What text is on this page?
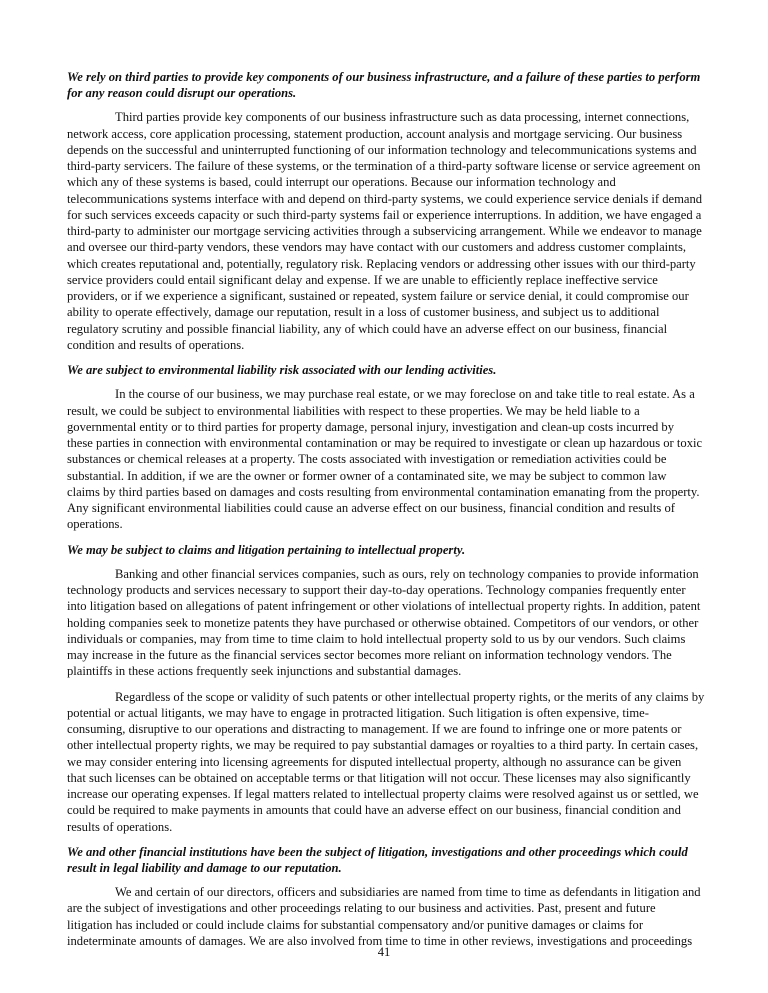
We rely on third parties to provide key components of our business infrastructure, and a failure of these parties to perform
for any reason could disrupt our operations.
Third parties provide key components of our business infrastructure such as data processing, internet connections,
network access, core application processing, statement production, account analysis and mortgage servicing. Our business
depends on the successful and uninterrupted functioning of our information technology and telecommunications systems and
third-party servicers. The failure of these systems, or the termination of a third-party software license or service agreement on
which any of these systems is based, could interrupt our operations. Because our information technology and
telecommunications systems interface with and depend on third-party systems, we could experience service denials if demand
for such services exceeds capacity or such third-party systems fail or experience interruptions. In addition, we have engaged a
third-party to administer our mortgage servicing activities through a subservicing arrangement. While we endeavor to manage
and oversee our third-party vendors, these vendors may have contact with our customers and address customer complaints,
which creates reputational and, potentially, regulatory risk. Replacing vendors or addressing other issues with our third-party
service providers could entail significant delay and expense. If we are unable to efficiently replace ineffective service
providers, or if we experience a significant, sustained or repeated, system failure or service denial, it could compromise our
ability to operate effectively, damage our reputation, result in a loss of customer business, and subject us to additional
regulatory scrutiny and possible financial liability, any of which could have an adverse effect on our business, financial
condition and results of operations.
We are subject to environmental liability risk associated with our lending activities.
In the course of our business, we may purchase real estate, or we may foreclose on and take title to real estate. As a
result, we could be subject to environmental liabilities with respect to these properties. We may be held liable to a
governmental entity or to third parties for property damage, personal injury, investigation and clean-up costs incurred by
these parties in connection with environmental contamination or may be required to investigate or clean up hazardous or toxic
substances or chemical releases at a property. The costs associated with investigation or remediation activities could be
substantial. In addition, if we are the owner or former owner of a contaminated site, we may be subject to common law
claims by third parties based on damages and costs resulting from environmental contamination emanating from the property.
Any significant environmental liabilities could cause an adverse effect on our business, financial condition and results of
operations.
We may be subject to claims and litigation pertaining to intellectual property.
Banking and other financial services companies, such as ours, rely on technology companies to provide information
technology products and services necessary to support their day-to-day operations. Technology companies frequently enter
into litigation based on allegations of patent infringement or other violations of intellectual property rights. In addition, patent
holding companies seek to monetize patents they have purchased or otherwise obtained. Competitors of our vendors, or other
individuals or companies, may from time to time claim to hold intellectual property sold to us by our vendors. Such claims
may increase in the future as the financial services sector becomes more reliant on information technology vendors. The
plaintiffs in these actions frequently seek injunctions and substantial damages.
Regardless of the scope or validity of such patents or other intellectual property rights, or the merits of any claims by
potential or actual litigants, we may have to engage in protracted litigation. Such litigation is often expensive, time-
consuming, disruptive to our operations and distracting to management. If we are found to infringe one or more patents or
other intellectual property rights, we may be required to pay substantial damages or royalties to a third party. In certain cases,
we may consider entering into licensing agreements for disputed intellectual property, although no assurance can be given
that such licenses can be obtained on acceptable terms or that litigation will not occur. These licenses may also significantly
increase our operating expenses. If legal matters related to intellectual property claims were resolved against us or settled, we
could be required to make payments in amounts that could have an adverse effect on our business, financial condition and
results of operations.
We and other financial institutions have been the subject of litigation, investigations and other proceedings which could
result in legal liability and damage to our reputation.
We and certain of our directors, officers and subsidiaries are named from time to time as defendants in litigation and
are the subject of investigations and other proceedings relating to our business and activities. Past, present and future
litigation has included or could include claims for substantial compensatory and/or punitive damages or claims for
indeterminate amounts of damages. We are also involved from time to time in other reviews, investigations and proceedings
41
